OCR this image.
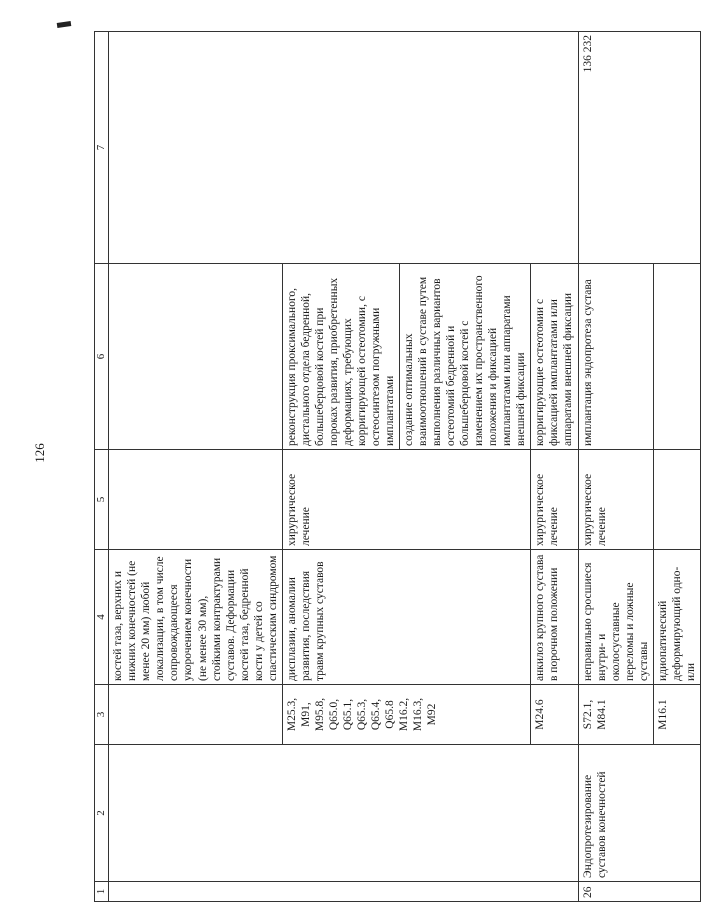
126
1	2	3	4	5	6	7
			костей таза, верхних и нижних конечностей (не менее 20 мм) любой локализации, в том числе сопровождающееся укорочением конечности (не менее 30 мм), стойкими контрактурами суставов. Деформации костей таза, бедренной кости у детей со спастическим синдромом			
		M25.3, M91, M95.8, Q65.0, Q65.1, Q65.3, Q65.4, Q65.8 M16.2, M16.3, M92	дисплазии, аномалии развития, последствия травм крупных суставов	хирургическое лечение	реконструкция проксимального, дистального отдела бедренной, большеберцовой костей при пороках развития, приобретенных деформациях, требующих корригирующей остеотомии, с остеосинтезом погружными имплантатами	
					создание оптимальных взаимоотношений в суставе путем выполнения различных вариантов остеотомий бедренной и большеберцовой костей с изменением их пространственного положения и фиксацией имплантатами или аппаратами внешней фиксации	
		M24.6	анкилоз крупного сустава в порочном положении	хирургическое лечение	корригирующие остеотомии с фиксацией имплантатами или аппаратами внешней фиксации	

26	Эндопротезирование суставов конечностей	S72.1, M84.1	неправильно сросшиеся внутри- и околосуставные переломы и ложные суставы	хирургическое лечение	имплантация эндопротеза сустава	136 232
		M16.1	идиопатический деформирующий одно- или			
